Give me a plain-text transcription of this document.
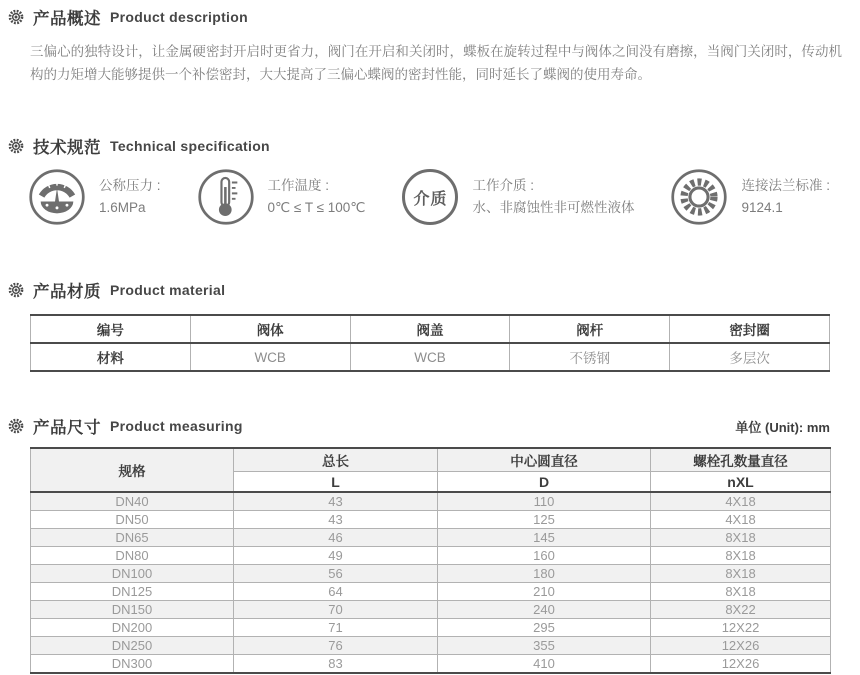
产品概述 Product description

三偏心的独特设计，让金属硬密封开启时更省力，阀门在开启和关闭时，蝶板在旋转过程中与阀体之间没有磨擦，当阀门关闭时，传动机构的力矩增大能够提供一个补偿密封，大大提高了三偏心蝶阀的密封性能，同时延长了蝶阀的使用寿命。

技术规范 Technical specification
公称压力 :
1.6MPa
工作温度 :
0℃ ≤ T ≤ 100℃	介质
工作介质 :
水、非腐蚀性非可燃性液体
连接法兰标准 :
9124.1
产品材质 Product material
编号	阀体	阀盖	阀杆	密封圈
材料	WCB	WCB	不锈钢	多层次
产品尺寸 Product measuring	单位 (Unit): mm
规格	总长	中心圆直径	螺栓孔数量直径
	L	D	nXL
DN40	43	110	4X18
DN50	43	125	4X18
DN65	46	145	8X18
DN80	49	160	8X18
DN100	56	180	8X18
DN125	64	210	8X18
DN150	70	240	8X22
DN200	71	295	12X22
DN250	76	355	12X26
DN300	83	410	12X26
